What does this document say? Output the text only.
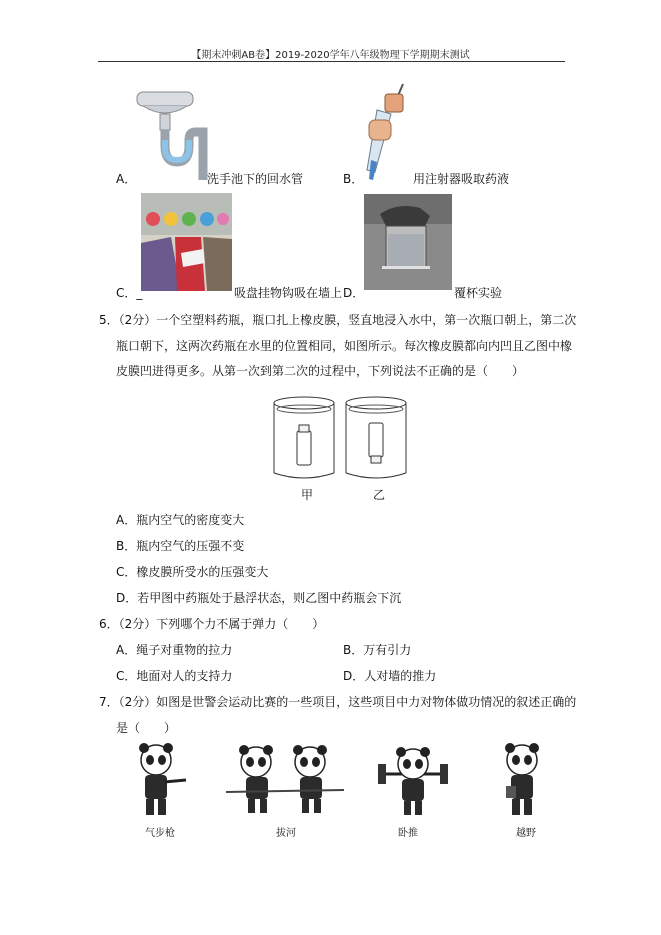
【期末冲刺AB卷】2019-2020学年八年级物理下学期期末测试
A．	洗手池下的回水管	B．	用注射器吸取药液
C．_	吸盘挂物钩吸在墙上 D．	覆杯实验
5．（2分）一个空塑料药瓶，瓶口扎上橡皮膜，竖直地浸入水中，第一次瓶口朝上，第二次
瓶口朝下，这两次药瓶在水里的位置相同，如图所示。每次橡皮膜都向内凹且乙图中橡
皮膜凹进得更多。从第一次到第二次的过程中，下列说法不正确的是（　　）
甲	乙
A．瓶内空气的密度变大
B．瓶内空气的压强不变
C．橡皮膜所受水的压强变大
D．若甲图中药瓶处于悬浮状态，则乙图中药瓶会下沉
6．（2分）下列哪个力不属于弹力（　　）
A．绳子对重物的拉力	B．万有引力
C．地面对人的支持力	D．人对墙的推力
7．（2分）如图是世警会运动比赛的一些项目，这些项目中力对物体做功情况的叙述正确的
是（　　）
气步枪	拔河	卧推	越野
